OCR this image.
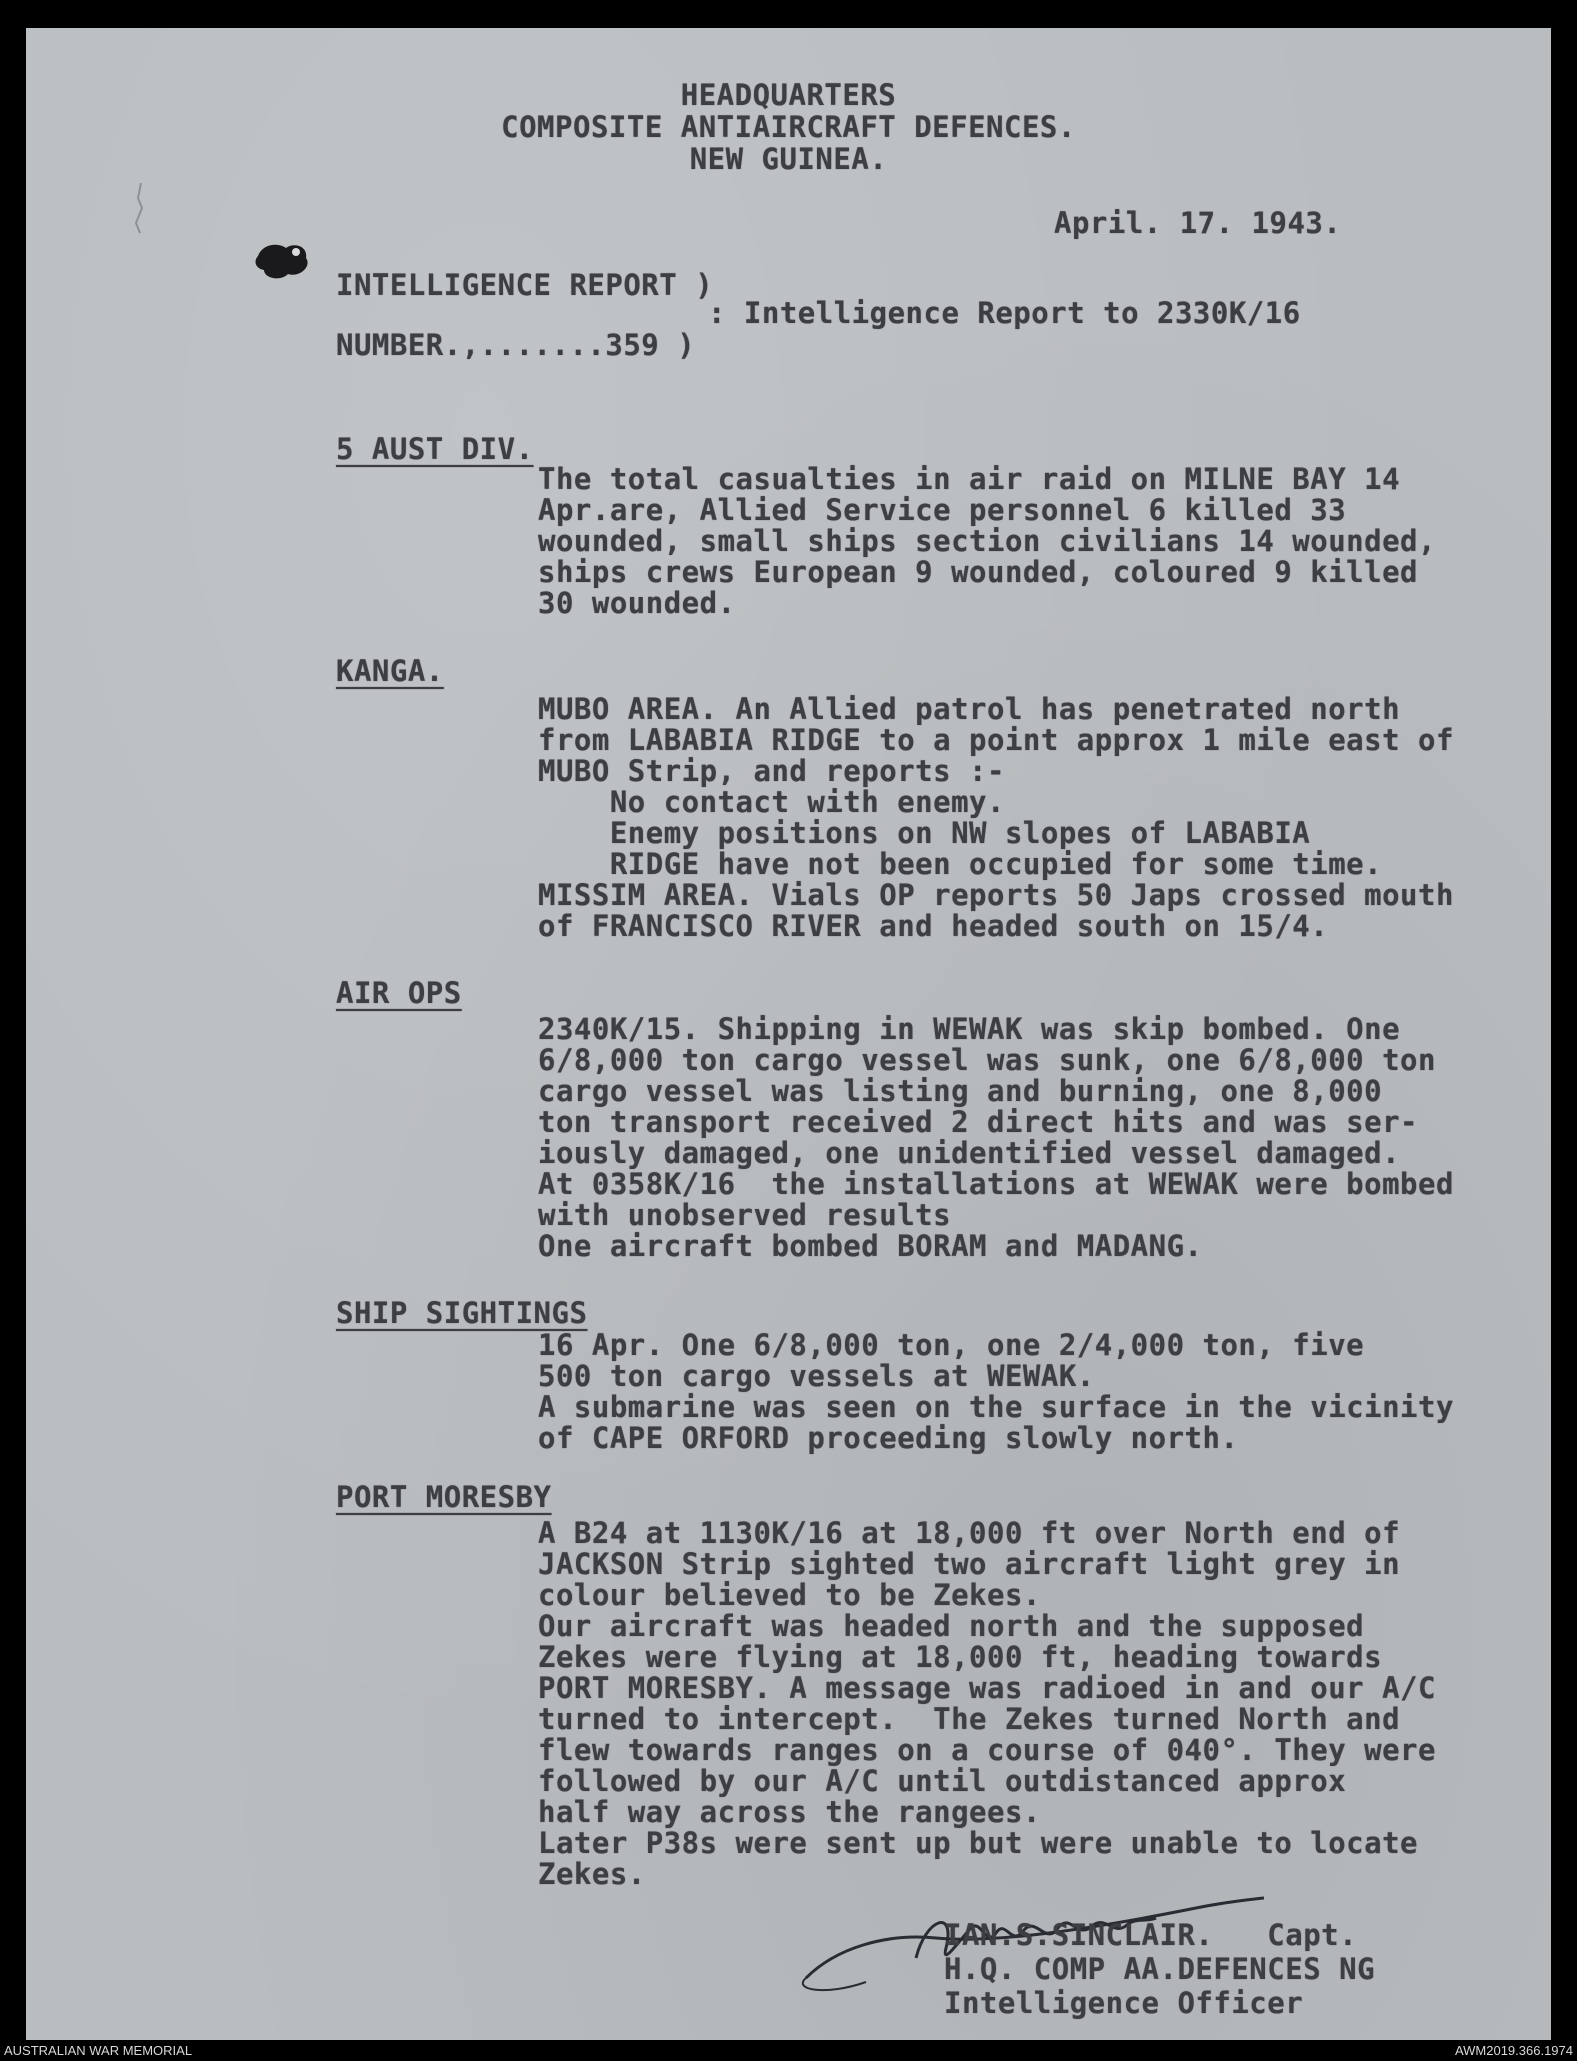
HEADQUARTERS
COMPOSITE ANTIAIRCRAFT DEFENCES.
NEW GUINEA.
April. 17. 1943.
INTELLIGENCE REPORT )
: Intelligence Report to 2330K/16
NUMBER.,.......359 )
5 AUST DIV.
The total casualties in air raid on MILNE BAY 14
Apr.are, Allied Service personnel 6 killed 33
wounded, small ships section civilians 14 wounded,
ships crews European 9 wounded, coloured 9 killed
30 wounded.
KANGA.
MUBO AREA. An Allied patrol has penetrated north
from LABABIA RIDGE to a point approx 1 mile east of
MUBO Strip, and reports :-
No contact with enemy.
Enemy positions on NW slopes of LABABIA
RIDGE have not been occupied for some time.
MISSIM AREA. Vials OP reports 50 Japs crossed mouth
of FRANCISCO RIVER and headed south on 15/4.
AIR OPS
2340K/15. Shipping in WEWAK was skip bombed. One
6/8,000 ton cargo vessel was sunk, one 6/8,000 ton
cargo vessel was listing and burning, one 8,000
ton transport received 2 direct hits and was ser-
iously damaged, one unidentified vessel damaged.
At 0358K/16  the installations at WEWAK were bombed
with unobserved results
One aircraft bombed BORAM and MADANG.
SHIP SIGHTINGS
16 Apr. One 6/8,000 ton, one 2/4,000 ton, five
500 ton cargo vessels at WEWAK.
A submarine was seen on the surface in the vicinity
of CAPE ORFORD proceeding slowly north.
PORT MORESBY
A B24 at 1130K/16 at 18,000 ft over North end of
JACKSON Strip sighted two aircraft light grey in
colour believed to be Zekes.
Our aircraft was headed north and the supposed
Zekes were flying at 18,000 ft, heading towards
PORT MORESBY. A message was radioed in and our A/C
turned to intercept.  The Zekes turned North and
flew towards ranges on a course of 040°. They were
followed by our A/C until outdistanced approx
half way across the rangees.
Later P38s were sent up but were unable to locate
Zekes.
IAN.S.SINCLAIR.   Capt.
H.Q. COMP AA.DEFENCES NG
Intelligence Officer
AUSTRALIAN WAR MEMORIAL	AWM2019.366.1974
